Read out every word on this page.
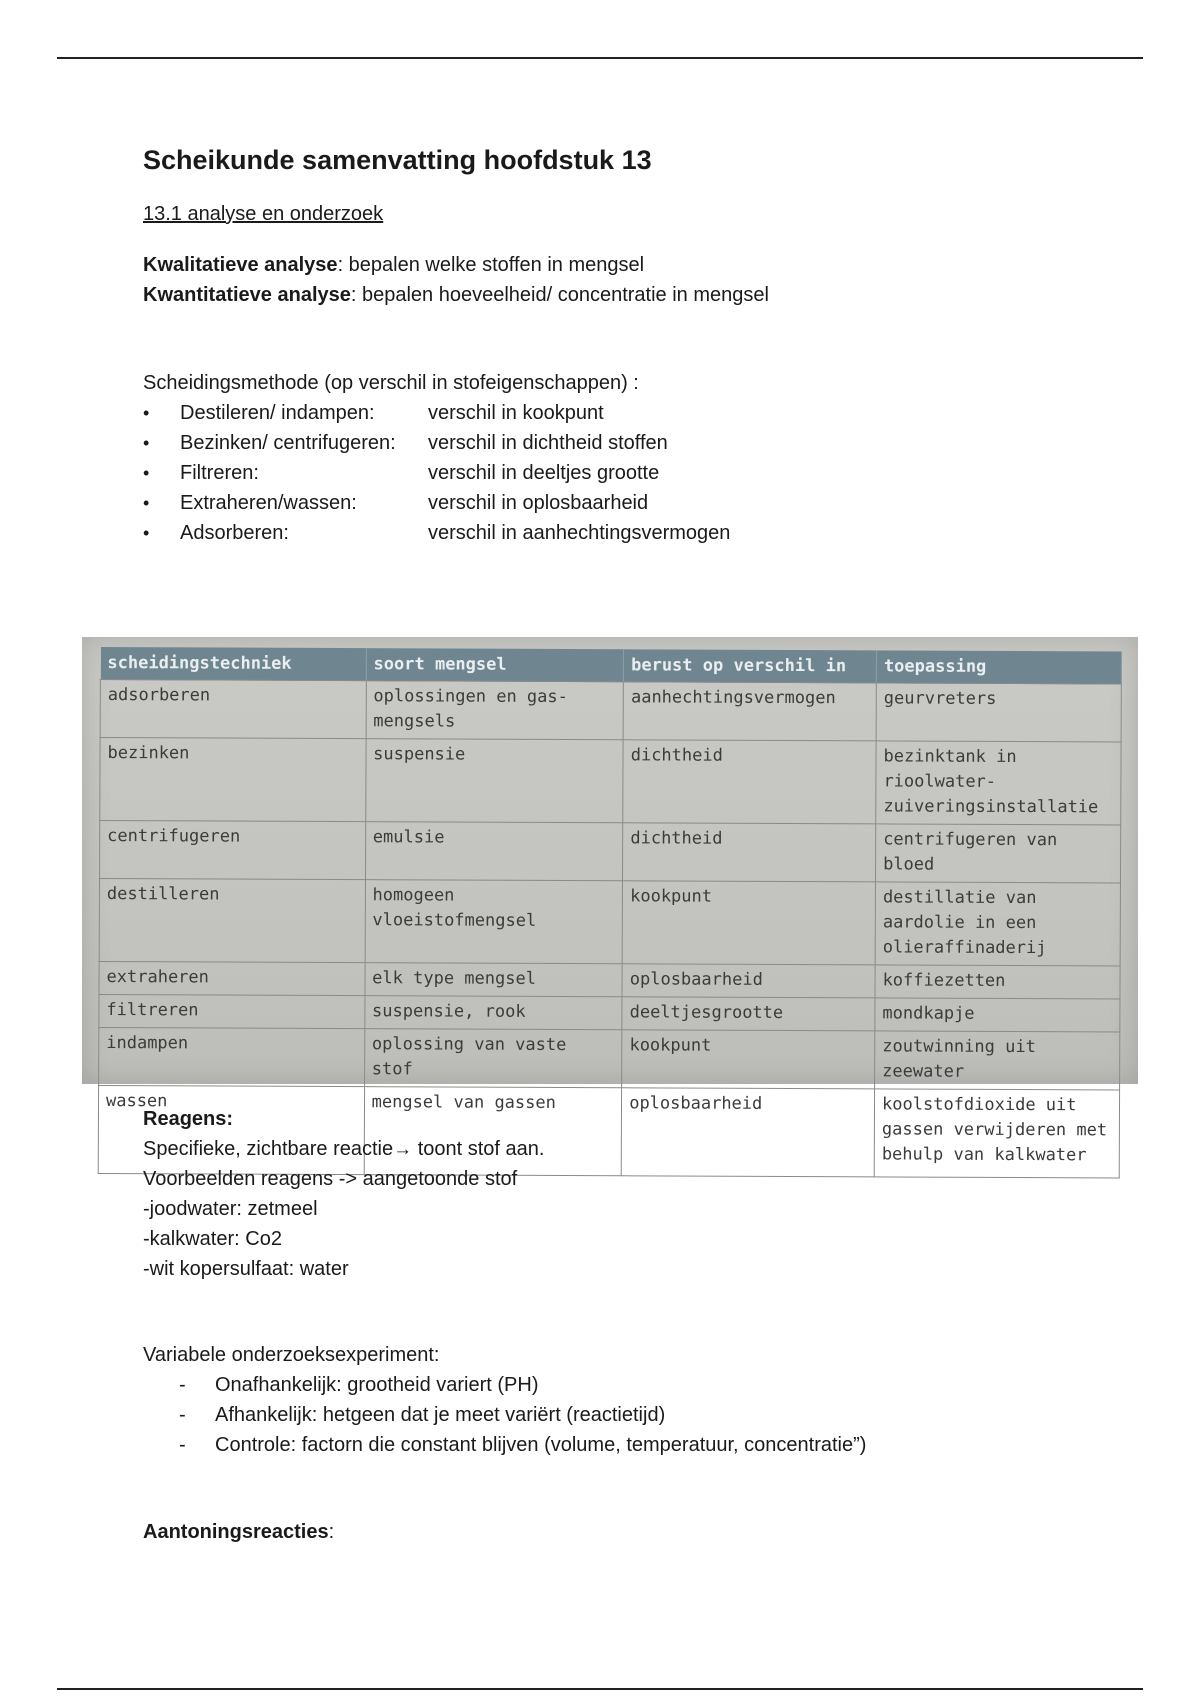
Scheikunde samenvatting hoofdstuk 13
13.1 analyse en onderzoek
Kwalitatieve analyse: bepalen welke stoffen in mengsel
Kwantitatieve analyse: bepalen hoeveelheid/ concentratie in mengsel
Scheidingsmethode (op verschil in stofeigenschappen) :
•	Destileren/ indampen:	verschil in kookpunt
•	Bezinken/ centrifugeren:	verschil in dichtheid stoffen
•	Filtreren:	verschil in deeltjes grootte
•	Extraheren/wassen:	verschil in oplosbaarheid
•	Adsorberen:	verschil in aanhechtingsvermogen
scheidingstechniek	soort mengsel	berust op verschil in	toepassing
adsorberen	oplossingen en gas-mengsels	aanhechtingsvermogen	geurvreters
bezinken	suspensie	dichtheid	bezinktank in rioolwater-zuiveringsinstallatie
centrifugeren	emulsie	dichtheid	centrifugeren van bloed
destilleren	homogeen vloeistofmengsel	kookpunt	destillatie van aardolie in een olieraffinaderij
extraheren	elk type mengsel	oplosbaarheid	koffiezetten
filtreren	suspensie, rook	deeltjesgrootte	mondkapje
indampen	oplossing van vaste stof	kookpunt	zoutwinning uit zeewater
wassen	mengsel van gassen	oplosbaarheid	koolstofdioxide uit gassen verwijderen met behulp van kalkwater
Reagens:
Specifieke, zichtbare reactie→ toont stof aan.
Voorbeelden reagens -> aangetoonde stof
-joodwater: zetmeel
-kalkwater: Co2
-wit kopersulfaat: water
Variabele onderzoeksexperiment:
-	Onafhankelijk: grootheid variert (PH)
-	Afhankelijk: hetgeen dat je meet variërt (reactietijd)
-	Controle: factorn die constant blijven (volume, temperatuur, concentratie”)
Aantoningsreacties:
